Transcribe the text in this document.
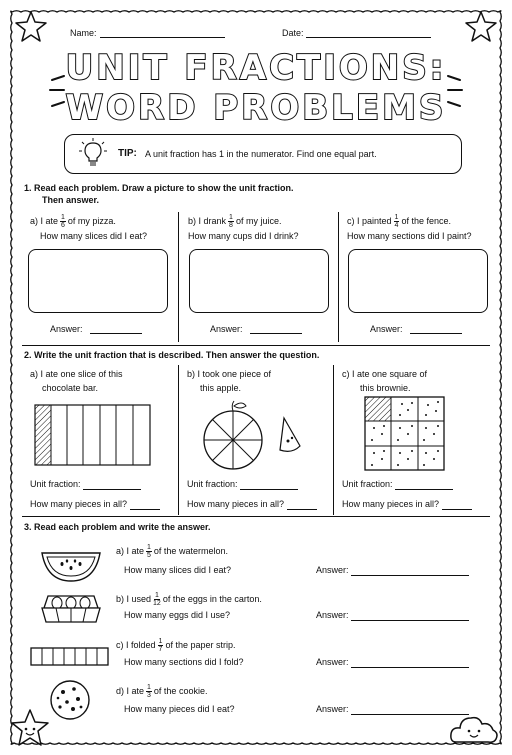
Name:	Date:
UNIT FRACTIONS:
WORD PROBLEMS
TIP: A unit fraction has 1 in the numerator. Find one equal part.
1. Read each problem. Draw a picture to show the unit fraction.
Then answer.
a) I ate $\frac{1}{6}$ of my pizza.
How many slices did I eat?
Answer:
b) I drank $\frac{1}{8}$ of my juice.
How many cups did I drink?
Answer:
c) I painted $\frac{1}{4}$ of the fence.
How many sections did I paint?
Answer:
2. Write the unit fraction that is described. Then answer the question.
a) I ate one slice of this
chocolate bar.
Unit fraction:
How many pieces in all?
b) I took one piece of
this apple.
Unit fraction:
How many pieces in all?
c) I ate one square of
this brownie.
Unit fraction:
How many pieces in all?
3. Read each problem and write the answer.
a) I ate $\frac{1}{5}$ of the watermelon.
How many slices did I eat?	Answer:
b) I used $\frac{1}{12}$ of the eggs in the carton.
How many eggs did I use?	Answer:
c) I folded $\frac{1}{7}$ of the paper strip.
How many sections did I fold?	Answer:
d) I ate $\frac{1}{3}$ of the cookie.
How many pieces did I eat?	Answer:
